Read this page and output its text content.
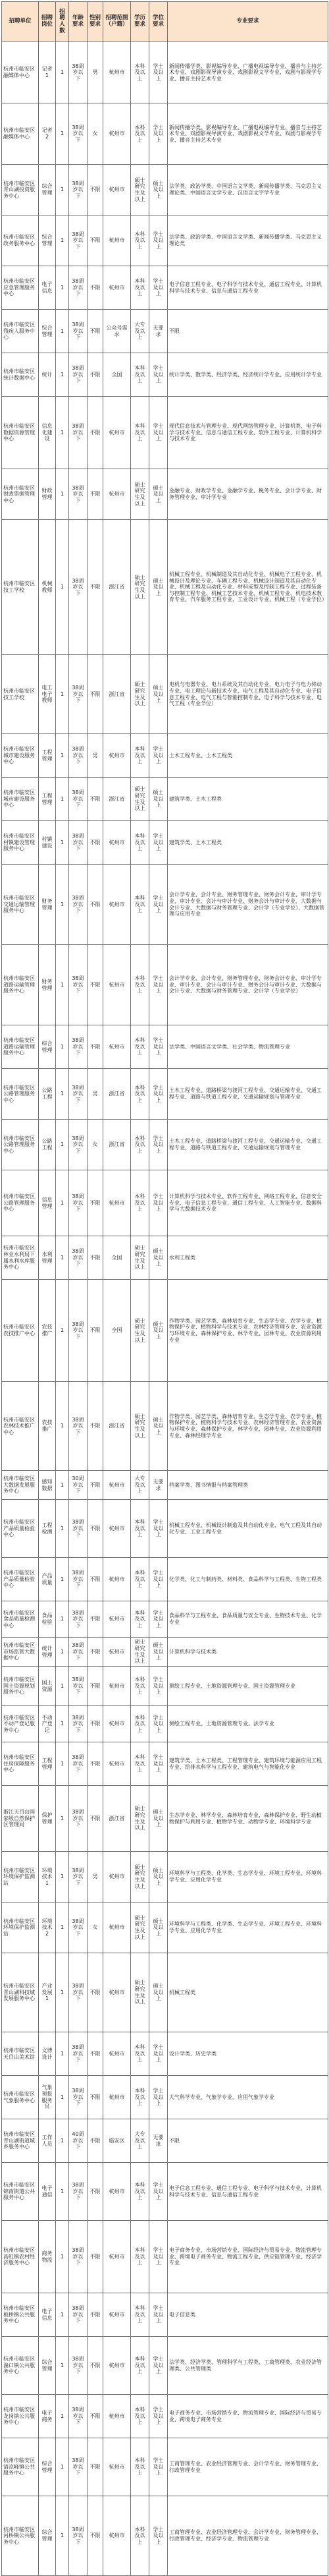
招聘单位	招聘岗位	招聘人数	年龄要求	性别要求	招聘范围（户籍）	学历要求	学位要求	专业要求
杭州市临安区融媒体中心	记者1	1	38周岁以下	男	杭州市	本科及以上	学士及以上	新闻传播学类、影视编导专业、广播电视编导专业、播音与主持艺术专业、戏剧影视导演专业、戏剧影视文学专业、戏剧与影视学专业、播音主持艺术专业
杭州市临安区融媒体中心	记者2	1	38周岁以下	女	杭州市	本科及以上	学士及以上	新闻传播学类、影视编导专业、广播电视编导专业、播音与主持艺术专业、戏剧影视导演专业、戏剧影视文学专业、戏剧与影视学专业、播音主持艺术专业
杭州市临安区青山湖投资服务中心	综合管理	1	38周岁以下	不限	杭州市	硕士研究生及以上	硕士及以上	法学类、政治学类、中国语言文学类、新闻传播学类、马克思主义理论类、中国语言文学专业、汉语言文字学专业
杭州市临安区政务服务中心	综合管理	1	38周岁以下	不限	杭州市	本科及以上	学士及以上	法学类、政治学类、中国语言文学类、新闻传播学类、马克思主义理论类
杭州市临安区应急管理服务中心	电子信息	1	38周岁以下	不限	杭州市	本科及以上	学士及以上	电子信息工程专业、电子科学与技术专业、通信工程专业、计算机科学与技术专业、信息与通信工程专业
杭州市临安区残疾人服务中心	综合管理	1	38周岁以下	不限	公众号需求	大专及以上	无要求	不限
杭州市临安区统计数据中心	统计	1	38周岁以下	不限	全国	本科及以上	学士及以上	统计学类、数学类、经济学类、经济统计学专业、应用统计学专业
杭州市临安区数据资源管理中心	信息化建设	1	38周岁以下	不限	杭州市	本科及以上	学士及以上	现代信息技术与管理专业、现代网络管理专业、计算机类、电子科学与技术专业、信息与通信工程专业、软件工程专业、计算机科学与技术专业
杭州市临安区财政票据管理中心	财政管理	1	38周岁以下	不限	杭州市	硕士研究生及以上	硕士及以上	金融专业、财政学专业、金融学专业、税务专业、会计学专业、财务管理专业、审计学专业
杭州市临安区技工学校	机械教师	1	38周岁以下	不限	浙江省	硕士研究生及以上	硕士及以上	机械工程专业、机械制造及其自动化专业、机械电子工程专业、机械设计及理论专业、车辆工程专业、机械设计制造及其自动化专业、机械工程及自动化专业、材料成型及控制工程专业、过程装备与控制工程专业、机械工艺技术专业、机械工程专业、机电技术教育专业、汽车服务工程专业、工业设计专业、机械工程（专业学位）
杭州市临安区技工学校	电工电子教师	1	38周岁以下	不限	浙江省	硕士研究生及以上	硕士及以上	电机与电器专业、电力系统及其自动化专业、电力电子与电力传动专业、电工理论与新技术专业、电气工程及其自动化专业、电子信息工程专业、电气工程与智能控制专业、电子科学与技术专业、电气工程（专业学位）
杭州市临安区城市建设服务中心	工程管理	1	38周岁以下	男	杭州市	本科及以上	学士及以上	土木工程专业、土木工程类
杭州市临安区城市建设服务中心	工程管理	1	38周岁以下	不限	浙江省	硕士研究生及以上	硕士及以上	建筑学类、土木工程类
杭州市临安区村镇建设管理服务中心	村镇建设	1	38周岁以下	不限	杭州市	本科及以上	学士及以上	建筑学类、土木工程类
杭州市临安区交通运输管理服务中心	财务管理	1	38周岁以下	不限	杭州市	本科及以上	学士及以上	会计学专业、会计专业、财务管理专业、财务会计专业、审计学专业、审计专业、会计与审计专业、财务会计与审计专业、大数据与会计专业、大数据与财务管理专业、会计学（专业学位）、大数据管理与应用专业
杭州市临安区道路运输管理服务中心	财务管理	1	38周岁以下	不限	杭州市	本科及以上	学士及以上	会计学专业、会计专业、财务管理专业、财务会计专业、审计学专业、审计专业、会计与审计专业、财务会计与审计专业、大数据与会计专业、大数据与财务管理专业、会计学（专业学位）
杭州市临安区道路运输管理服务中心	综合管理	1	38周岁以下	不限	杭州市	本科及以上	学士及以上	法学类、中国语言文学类、社会学类、物流管理专业
杭州市临安区公路管理服务中心	公路工程	1	38周岁以下	男	浙江省	本科及以上	学士及以上	土木工程专业、道路桥梁与渡河工程专业、交通运输专业、交通工程专业、道路与铁道工程专业、交通运输规划与管理专业
杭州市临安区公路管理服务中心	公路工程	1	38周岁以下	女	浙江省	本科及以上	学士及以上	土木工程专业、道路桥梁与渡河工程专业、交通运输专业、交通工程专业、道路与铁道工程专业、交通运输规划与管理专业
杭州市临安区公路管理服务中心	信息管理	1	38周岁以下	不限	杭州市	本科及以上	学士及以上	计算机科学与技术专业、软件工程专业、网络工程专业、信息安全专业、电子信息工程专业、通信工程专业、人工智能专业、数据科学与大数据技术专业
杭州市临安区林业水利局下属水利水库服务中心	水利管理	1	38周岁以下	不限	全国	硕士研究生及以上	硕士及以上	水利工程类
杭州市临安区农技推广中心	农技推广	1	38周岁以下	不限	全国	硕士研究生及以上	硕士及以上	作物学类、园艺学类、森林培育专业、生态学专业、农学专业、植物保护专业、植物科学与技术专业、农林经济管理专业、农业资源与环境专业、森林保护专业、林学专业、园林专业、农业资源利用专业
杭州市临安区农林技术推广中心	农技推广	1	38周岁以下	不限	浙江省	硕士研究生及以上	硕士及以上	作物学类、园艺学类、森林培育专业、生态学专业、农学专业、植物保护专业、植物科学与技术专业、农林经济管理专业、农业资源与环境专业、森林保护专业、林学专业、园林专业、农业资源利用专业、森林经理学专业
杭州市临安区大数据发展服务中心	感知数据	1	30周岁以下	不限	杭州市	大专及以上	无要求	档案学类、图书情报与档案管理类
杭州市临安区产品质量检验中心	工程检测	1	38周岁以下	不限	杭州市	本科及以上	学士及以上	机械工程专业、机械设计制造及其自动化专业、电气工程及其自动化专业、工业工程专业
杭州市临安区产品质量检验中心	产品质量	1	38周岁以下	不限	杭州市	本科及以上	学士及以上	化学类、化工与制药类、材料类、食品科学与工程类、生物工程类
杭州市临安区食品质量检测中心	食品检验	1	38周岁以下	不限	杭州市	本科及以上	学士及以上	食品科学与工程专业、食品质量与安全专业、生物技术专业、化学专业
杭州市临安区市场监管大数据中心	统计管理	1	38周岁以下	不限	杭州市	硕士研究生及以上	硕士及以上	计算机科学与技术类
杭州市临安区国土资源规划服务中心	国土资源	1	38周岁以下	不限	杭州市	本科及以上	学士及以上	测绘工程专业、土地资源管理专业、国土资源管理专业
杭州市临安区不动产登记服务中心	不动产登记	1	38周岁以下	不限	杭州市	本科及以上	学士及以上	测绘工程专业、土地资源管理专业、法学专业
杭州市临安区住房保障服务中心	工程管理	1	38周岁以下	不限	杭州市	本科及以上	学士及以上	建筑学类、土木工程类、工程管理专业、建筑环境与能源应用工程专业、给排水科学与工程专业、建筑电气与智能化专业
浙江天目山国家级自然保护区管理局	保护管理	1	38周岁以下	不限	浙江省	硕士研究生及以上	硕士及以上	生态学专业、林学专业、森林培育专业、森林保护专业、野生动植物保护与利用专业、植物学专业、动物学专业、环境科学专业
杭州市临安区环境保护监测站	环境技术1	1	38周岁以下	男	杭州市	硕士研究生及以上	硕士及以上	环境科学与工程类、化学类、生态学专业、环境工程专业、环境科学专业、应用化学专业
杭州市临安区环境保护监测站	环境技术2	1	38周岁以下	女	杭州市	硕士研究生及以上	硕士及以上	环境科学与工程类、化学类、生态学专业、环境工程专业、环境科学专业、应用化学专业
杭州市临安区青山湖科技城发展服务中心	产业发展1	1	38周岁以下	不限	杭州市	硕士研究生及以上	硕士及以上	机械工程类
杭州市临安区天目山美术馆	文博设计	1	38周岁以下	不限	杭州市	本科及以上	学士及以上	设计学类、历史学类
杭州市临安区气象服务中心	气象预报服务员	1	38周岁以下	不限	杭州市	本科及以上	学士及以上	大气科学专业、气象学专业、应用气象学专业
杭州市临安区青山湖街道城乡服务中心	工作人员	1	40周岁以下	不限	临安区	大专及以上	无要求	不限
杭州市临安区锦南街道公共服务中心	电子通信	1	38周岁以下	不限	杭州市	本科及以上	学士及以上	电子信息工程专业、通信工程专业、电子科学与技术专业、计算机科学与技术专业、信息与通信工程专业
杭州市临安区高虹镇农村经济服务中心	商务物流	1	38周岁以下	不限	杭州市	本科及以上	学士及以上	电子商务专业、市场营销专业、国际经济与贸易专业、物流管理专业、跨境电子商务专业、物流工程专业、供应链管理专业、经济学专业
杭州市临安区板桥镇公共服务中心	电子信息	1	38周岁以下	不限	杭州市	本科及以上	学士及以上	电子信息类
杭州市临安区湍口镇公共服务中心	综合管理	1	38周岁以下	不限	杭州市	本科及以上	学士及以上	法学类、经济学类、管理科学与工程类、工商管理类、农业经济管理类、公共管理类
杭州市临安区龙岗镇公共服务中心	电子商务	1	38周岁以下	不限	杭州市	本科及以上	学士及以上	电子商务专业、市场营销专业、物流管理专业、国际经济与贸易专业、跨境电子商务专业
杭州市临安区清凉峰镇公共服务中心	综合管理	1	38周岁以下	不限	杭州市	本科及以上	学士及以上	工商管理专业、农业经济管理专业、会计学专业、财务管理专业、行政管理专业
杭州市临安区河桥镇公共服务中心	综合管理	1	38周岁以下	不限	杭州市	本科及以上	学士及以上	工商管理专业、农业经济管理专业、会计学专业、财务管理专业、行政管理专业、经济学专业、物流管理专业
